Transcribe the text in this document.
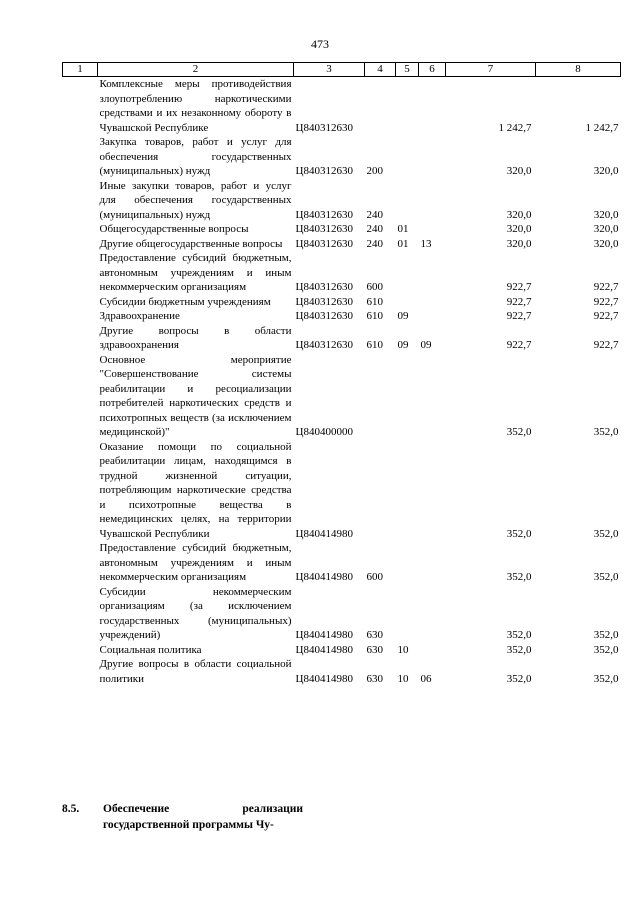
473
1	2	3	4	5	6	7	8
	Комплексные меры противодействия злоупотреблению наркотическими средствами и их незаконному обороту в Чувашской Республике	Ц840312630				1 242,7	1 242,7
	Закупка товаров, работ и услуг для обеспечения государственных (муниципальных) нужд	Ц840312630	200			320,0	320,0
	Иные закупки товаров, работ и услуг для обеспечения государственных (муниципальных) нужд	Ц840312630	240			320,0	320,0
	Общегосударственные вопросы	Ц840312630	240	01		320,0	320,0
	Другие общегосударственные вопросы	Ц840312630	240	01	13	320,0	320,0
	Предоставление субсидий бюджетным, автономным учреждениям и иным некоммерческим организациям	Ц840312630	600			922,7	922,7
	Субсидии бюджетным учреждениям	Ц840312630	610			922,7	922,7
	Здравоохранение	Ц840312630	610	09		922,7	922,7
	Другие вопросы в области здравоохранения	Ц840312630	610	09	09	922,7	922,7
	Основное мероприятие "Совершенствование системы реабилитации и ресоциализации потребителей наркотических средств и психотропных веществ (за исключением медицинской)"	Ц840400000				352,0	352,0
	Оказание помощи по социальной реабилитации лицам, находящимся в трудной жизненной ситуации, потребляющим наркотические средства и психотропные вещества в немедицинских целях, на территории Чувашской Республики	Ц840414980				352,0	352,0
	Предоставление субсидий бюджетным, автономным учреждениям и иным некоммерческим организациям	Ц840414980	600			352,0	352,0
	Субсидии некоммерческим организациям (за исключением государственных (муниципальных) учреждений)	Ц840414980	630			352,0	352,0
	Социальная политика	Ц840414980	630	10		352,0	352,0
	Другие вопросы в области социальной политики	Ц840414980	630	10	06	352,0	352,0
8.5. Обеспечение реализации государственной программы Чу-
